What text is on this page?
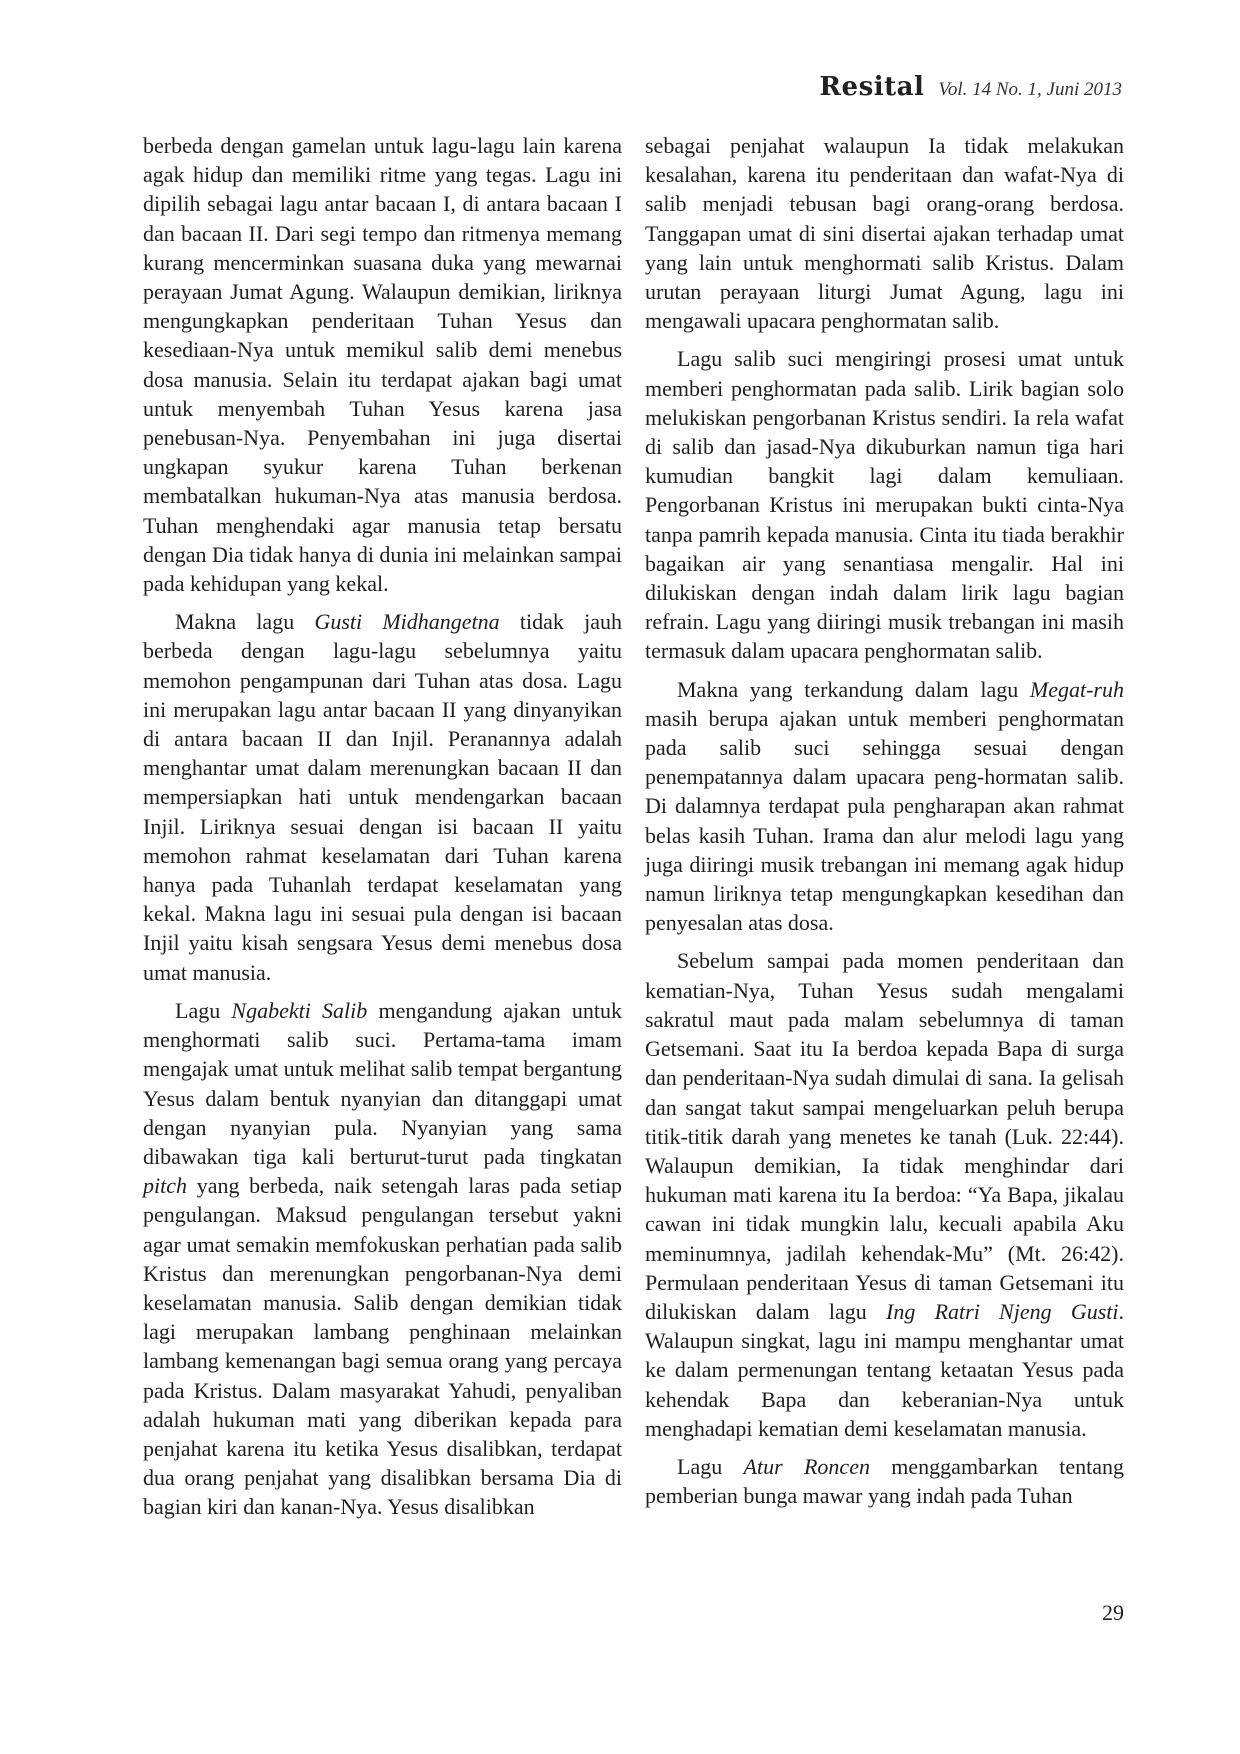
Resital Vol. 14 No. 1, Juni 2013

berbeda dengan gamelan untuk lagu-lagu lain karena agak hidup dan memiliki ritme yang tegas. Lagu ini dipilih sebagai lagu antar bacaan I, di antara bacaan I dan bacaan II. Dari segi tempo dan ritmenya memang kurang mencerminkan suasana duka yang mewarnai perayaan Jumat Agung. Walaupun demikian, liriknya mengungkapkan penderitaan Tuhan Yesus dan kesediaan-Nya untuk memikul salib demi menebus dosa manusia. Selain itu terdapat ajakan bagi umat untuk menyembah Tuhan Yesus karena jasa penebusan-Nya. Penyembahan ini juga disertai ungkapan syukur karena Tuhan berkenan membatalkan hukuman-Nya atas manusia berdosa. Tuhan menghendaki agar manusia tetap bersatu dengan Dia tidak hanya di dunia ini melainkan sampai pada kehidupan yang kekal.

Makna lagu Gusti Midhangetna tidak jauh berbeda dengan lagu-lagu sebelumnya yaitu memohon pengampunan dari Tuhan atas dosa. Lagu ini merupakan lagu antar bacaan II yang dinyanyikan di antara bacaan II dan Injil. Peranannya adalah menghantar umat dalam merenungkan bacaan II dan mempersiapkan hati untuk mendengarkan bacaan Injil. Liriknya sesuai dengan isi bacaan II yaitu memohon rahmat keselamatan dari Tuhan karena hanya pada Tuhanlah terdapat keselamatan yang kekal. Makna lagu ini sesuai pula dengan isi bacaan Injil yaitu kisah sengsara Yesus demi menebus dosa umat manusia.

Lagu Ngabekti Salib mengandung ajakan untuk menghormati salib suci. Pertama-tama imam mengajak umat untuk melihat salib tempat bergantung Yesus dalam bentuk nyanyian dan ditanggapi umat dengan nyanyian pula. Nyanyian yang sama dibawakan tiga kali berturut-turut pada tingkatan pitch yang berbeda, naik setengah laras pada setiap pengulangan. Maksud pengulangan tersebut yakni agar umat semakin memfokuskan perhatian pada salib Kristus dan merenungkan pengorbanan-Nya demi keselamatan manusia. Salib dengan demikian tidak lagi merupakan lambang penghinaan melainkan lambang kemenangan bagi semua orang yang percaya pada Kristus. Dalam masyarakat Yahudi, penyaliban adalah hukuman mati yang diberikan kepada para penjahat karena itu ketika Yesus disalibkan, terdapat dua orang penjahat yang disalibkan bersama Dia di bagian kiri dan kanan-Nya. Yesus disalibkan

sebagai penjahat walaupun Ia tidak melakukan kesalahan, karena itu penderitaan dan wafat-Nya di salib menjadi tebusan bagi orang-orang berdosa. Tanggapan umat di sini disertai ajakan terhadap umat yang lain untuk menghormati salib Kristus. Dalam urutan perayaan liturgi Jumat Agung, lagu ini mengawali upacara penghormatan salib.

Lagu salib suci mengiringi prosesi umat untuk memberi penghormatan pada salib. Lirik bagian solo melukiskan pengorbanan Kristus sendiri. Ia rela wafat di salib dan jasad-Nya dikuburkan namun tiga hari kumudian bangkit lagi dalam kemuliaan. Pengorbanan Kristus ini merupakan bukti cinta-Nya tanpa pamrih kepada manusia. Cinta itu tiada berakhir bagaikan air yang senantiasa mengalir. Hal ini dilukiskan dengan indah dalam lirik lagu bagian refrain. Lagu yang diiringi musik trebangan ini masih termasuk dalam upacara penghormatan salib.

Makna yang terkandung dalam lagu Megat-ruh masih berupa ajakan untuk memberi penghormatan pada salib suci sehingga sesuai dengan penempatannya dalam upacara peng-hormatan salib. Di dalamnya terdapat pula pengharapan akan rahmat belas kasih Tuhan. Irama dan alur melodi lagu yang juga diiringi musik trebangan ini memang agak hidup namun liriknya tetap mengungkapkan kesedihan dan penyesalan atas dosa.

Sebelum sampai pada momen penderitaan dan kematian-Nya, Tuhan Yesus sudah mengalami sakratul maut pada malam sebelumnya di taman Getsemani. Saat itu Ia berdoa kepada Bapa di surga dan penderitaan-Nya sudah dimulai di sana. Ia gelisah dan sangat takut sampai mengeluarkan peluh berupa titik-titik darah yang menetes ke tanah (Luk. 22:44). Walaupun demikian, Ia tidak menghindar dari hukuman mati karena itu Ia berdoa: “Ya Bapa, jikalau cawan ini tidak mungkin lalu, kecuali apabila Aku meminumnya, jadilah kehendak-Mu” (Mt. 26:42). Permulaan penderitaan Yesus di taman Getsemani itu dilukiskan dalam lagu Ing Ratri Njeng Gusti. Walaupun singkat, lagu ini mampu menghantar umat ke dalam permenungan tentang ketaatan Yesus pada kehendak Bapa dan keberanian-Nya untuk menghadapi kematian demi keselamatan manusia.

Lagu Atur Roncen menggambarkan tentang pemberian bunga mawar yang indah pada Tuhan

29
